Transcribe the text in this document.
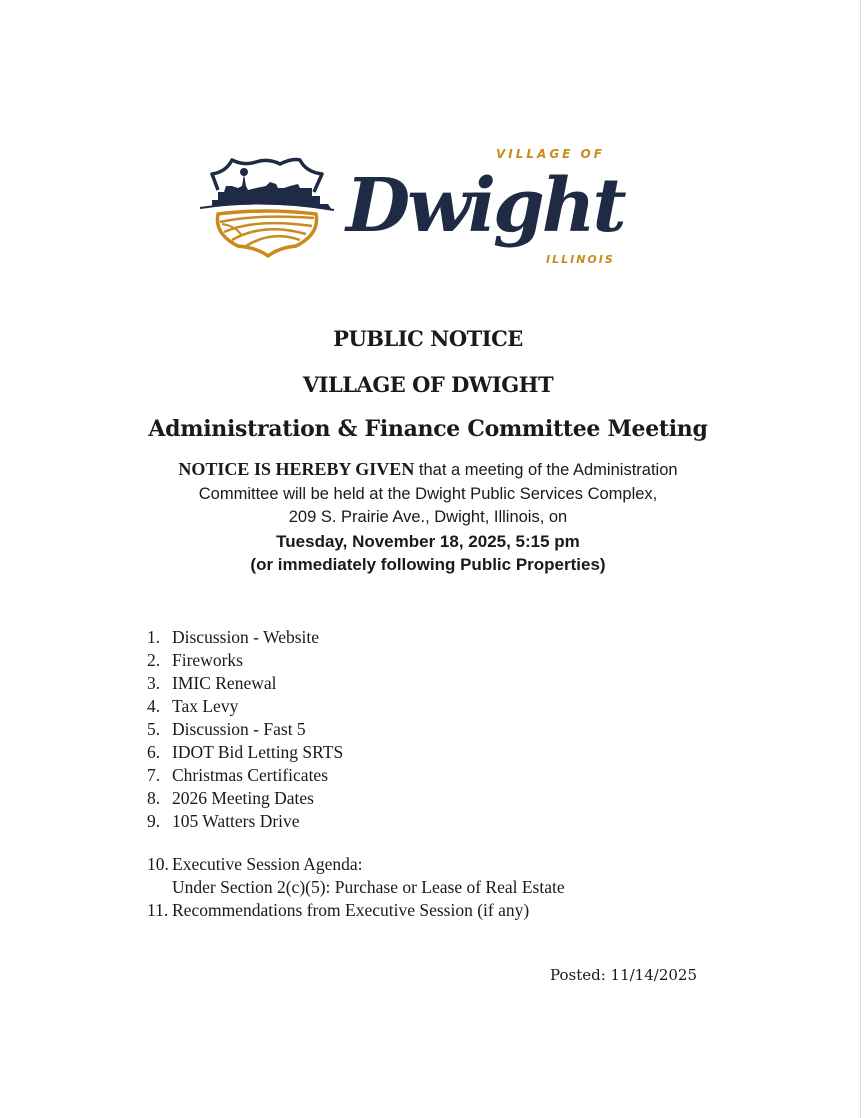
VILLAGE OF
Dwight
ILLINOIS
PUBLIC NOTICE
VILLAGE OF DWIGHT
Administration & Finance Committee Meeting
NOTICE IS HEREBY GIVEN that a meeting of the Administration
Committee will be held at the Dwight Public Services Complex,
209 S. Prairie Ave., Dwight, Illinois, on
Tuesday, November 18, 2025, 5:15 pm
(or immediately following Public Properties)
1. Discussion - Website
2. Fireworks
3. IMIC Renewal
4. Tax Levy
5. Discussion - Fast 5
6. IDOT Bid Letting SRTS
7. Christmas Certificates
8. 2026 Meeting Dates
9. 105 Watters Drive
10. Executive Session Agenda:
Under Section 2(c)(5): Purchase or Lease of Real Estate
11. Recommendations from Executive Session (if any)
Posted: 11/14/2025
